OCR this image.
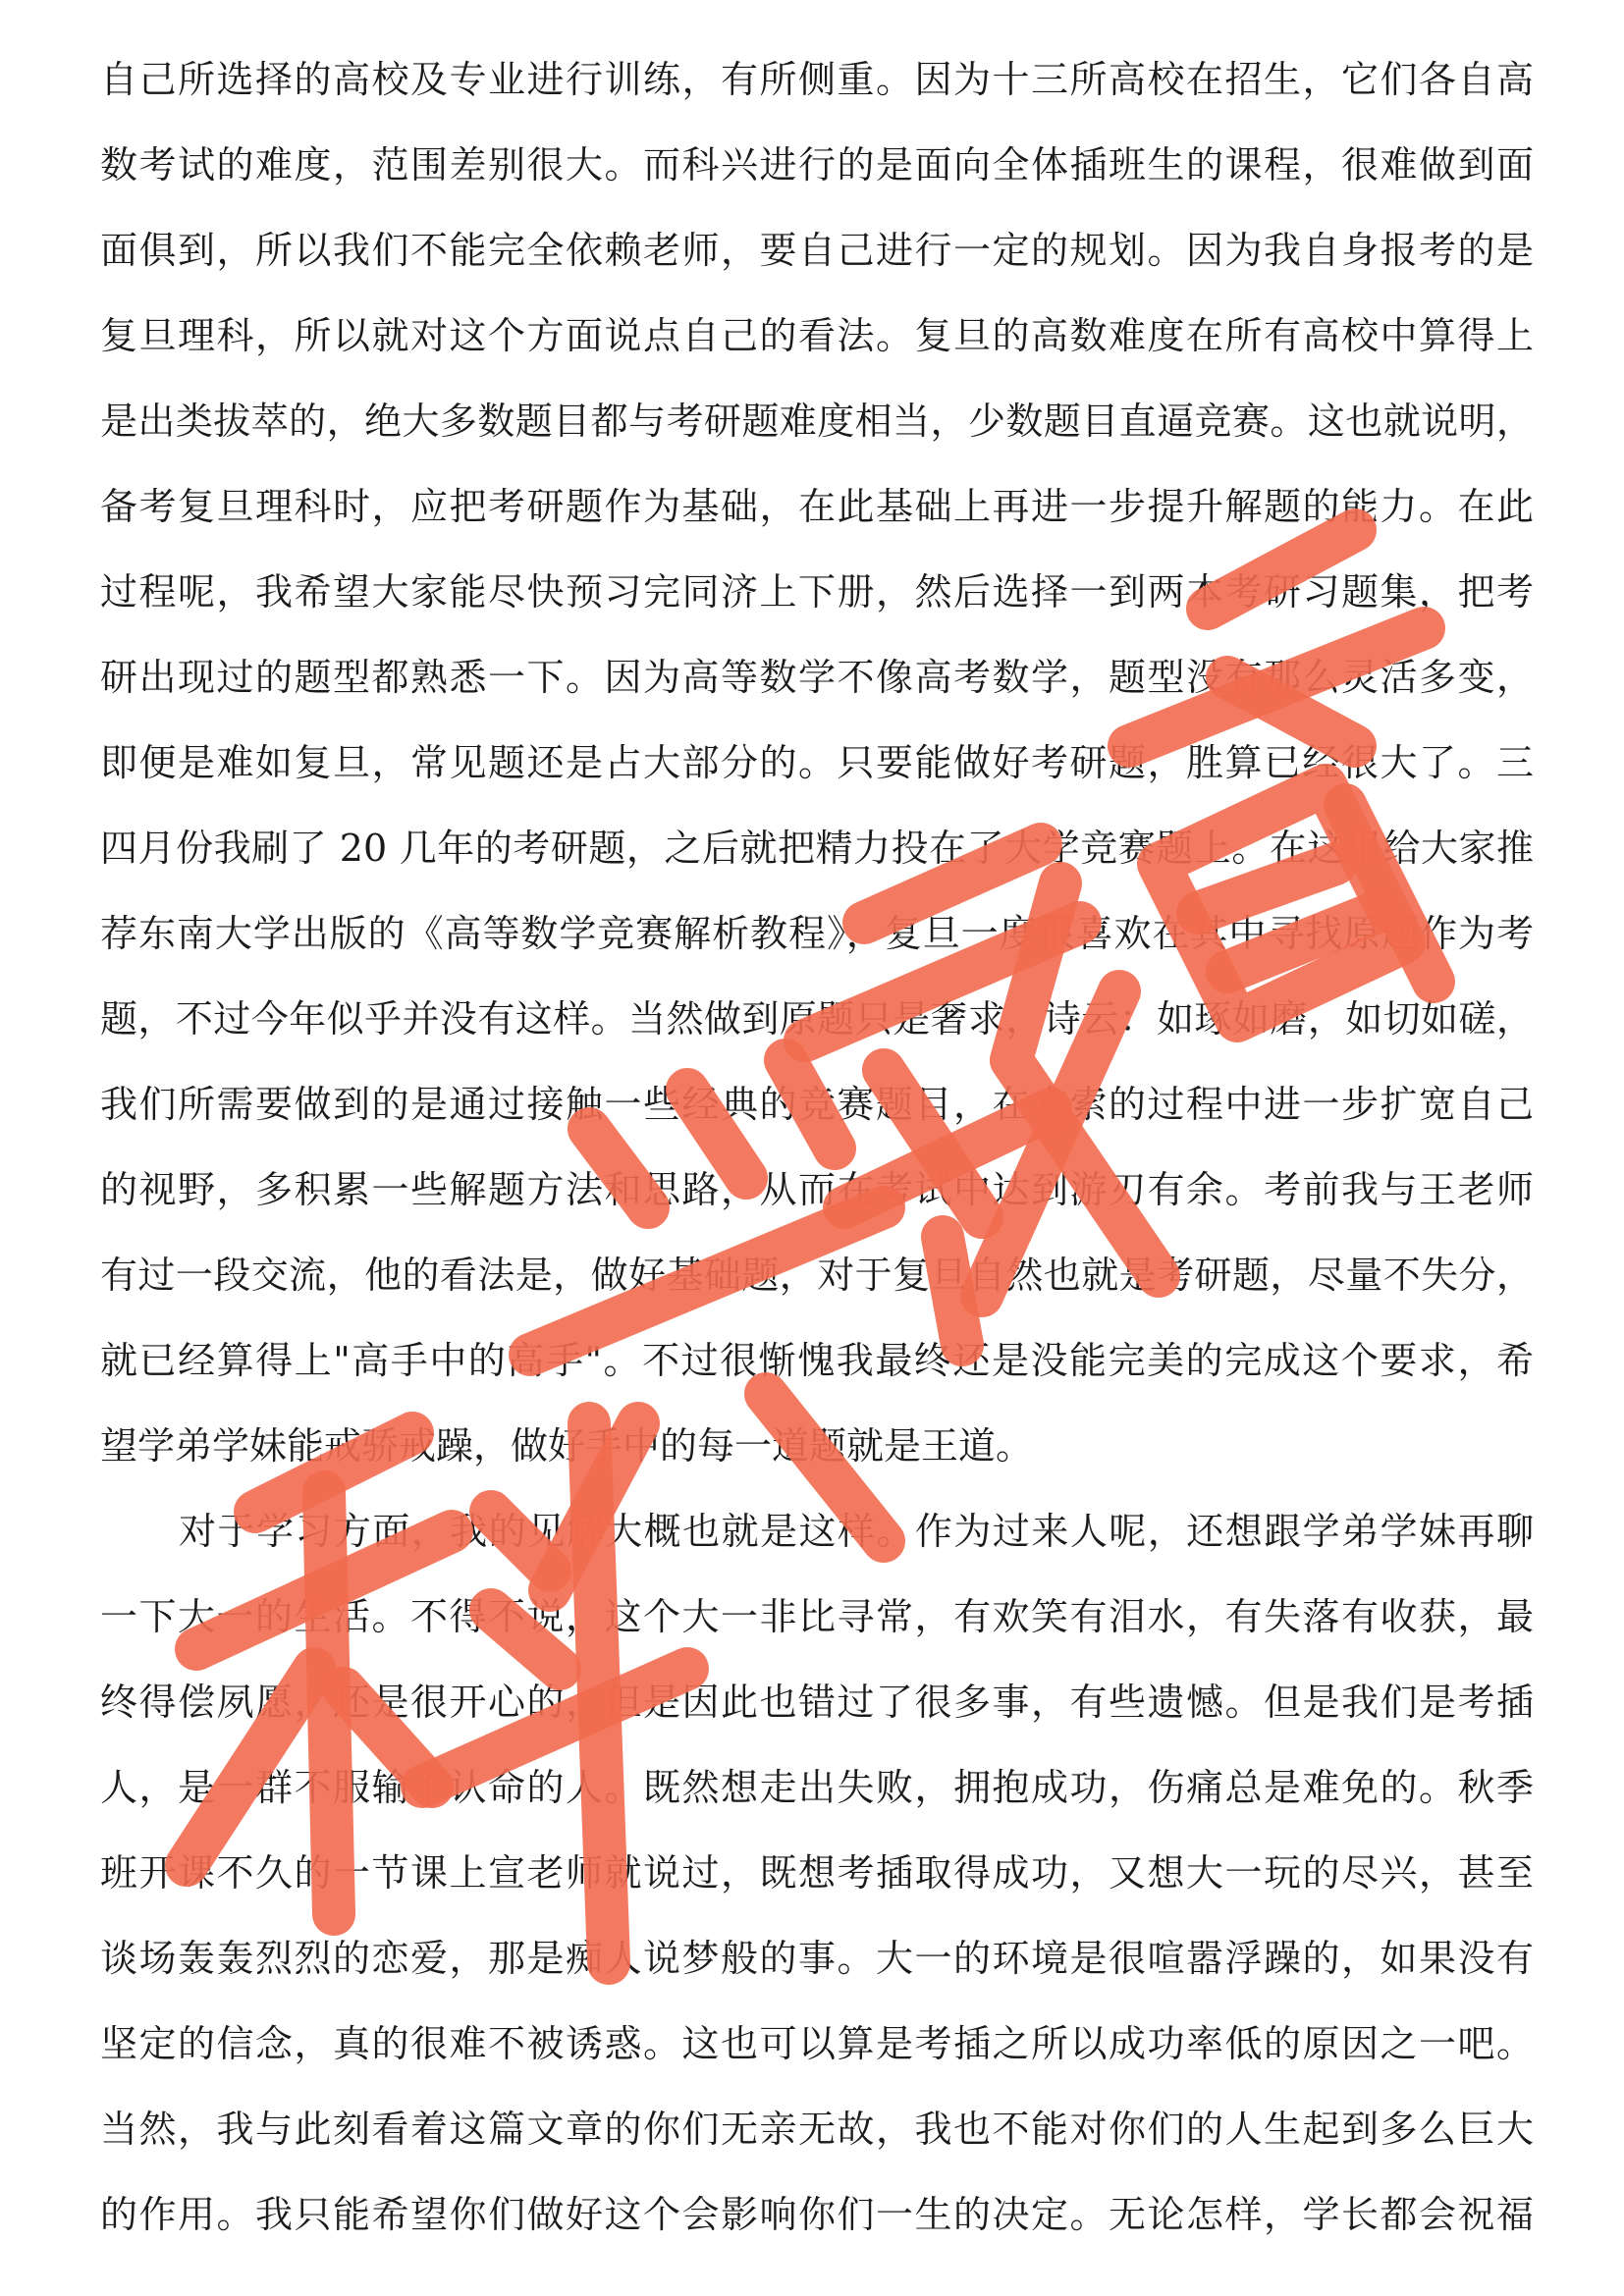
自己所选择的高校及专业进行训练，有所侧重。因为十三所高校在招生，它们各自高
数考试的难度，范围差别很大。而科兴进行的是面向全体插班生的课程，很难做到面
面俱到，所以我们不能完全依赖老师，要自己进行一定的规划。因为我自身报考的是
复旦理科，所以就对这个方面说点自己的看法。复旦的高数难度在所有高校中算得上
是出类拔萃的，绝大多数题目都与考研题难度相当，少数题目直逼竞赛。这也就说明，
备考复旦理科时，应把考研题作为基础，在此基础上再进一步提升解题的能力。在此
过程呢，我希望大家能尽快预习完同济上下册，然后选择一到两本考研习题集，把考
研出现过的题型都熟悉一下。因为高等数学不像高考数学，题型没有那么灵活多变，
即便是难如复旦，常见题还是占大部分的。只要能做好考研题，胜算已经很大了。三
四月份我刷了 20 几年的考研题，之后就把精力投在了大学竞赛题上。在这里给大家推
荐东南大学出版的《高等数学竞赛解析教程》，复旦一度很喜欢在其中寻找原题作为考
题，不过今年似乎并没有这样。当然做到原题只是奢求，诗云：如琢如磨，如切如磋，
我们所需要做到的是通过接触一些经典的竞赛题目，在求索的过程中进一步扩宽自己
的视野，多积累一些解题方法和思路，从而在考试中达到游刃有余。考前我与王老师
有过一段交流，他的看法是，做好基础题，对于复旦自然也就是考研题，尽量不失分，
就已经算得上"高手中的高手"。不过很惭愧我最终还是没能完美的完成这个要求，希
望学弟学妹能戒骄戒躁，做好手中的每一道题就是王道。
对于学习方面，我的见解大概也就是这样。作为过来人呢，还想跟学弟学妹再聊
一下大一的生活。不得不说，这个大一非比寻常，有欢笑有泪水，有失落有收获，最
终得偿夙愿，还是很开心的，但是因此也错过了很多事，有些遗憾。但是我们是考插
人，是一群不服输不认命的人。既然想走出失败，拥抱成功，伤痛总是难免的。秋季
班开课不久的一节课上宣老师就说过，既想考插取得成功，又想大一玩的尽兴，甚至
谈场轰轰烈烈的恋爱，那是痴人说梦般的事。大一的环境是很喧嚣浮躁的，如果没有
坚定的信念，真的很难不被诱惑。这也可以算是考插之所以成功率低的原因之一吧。
当然，我与此刻看着这篇文章的你们无亲无故，我也不能对你们的人生起到多么巨大
的作用。我只能希望你们做好这个会影响你们一生的决定。无论怎样，学长都会祝福
